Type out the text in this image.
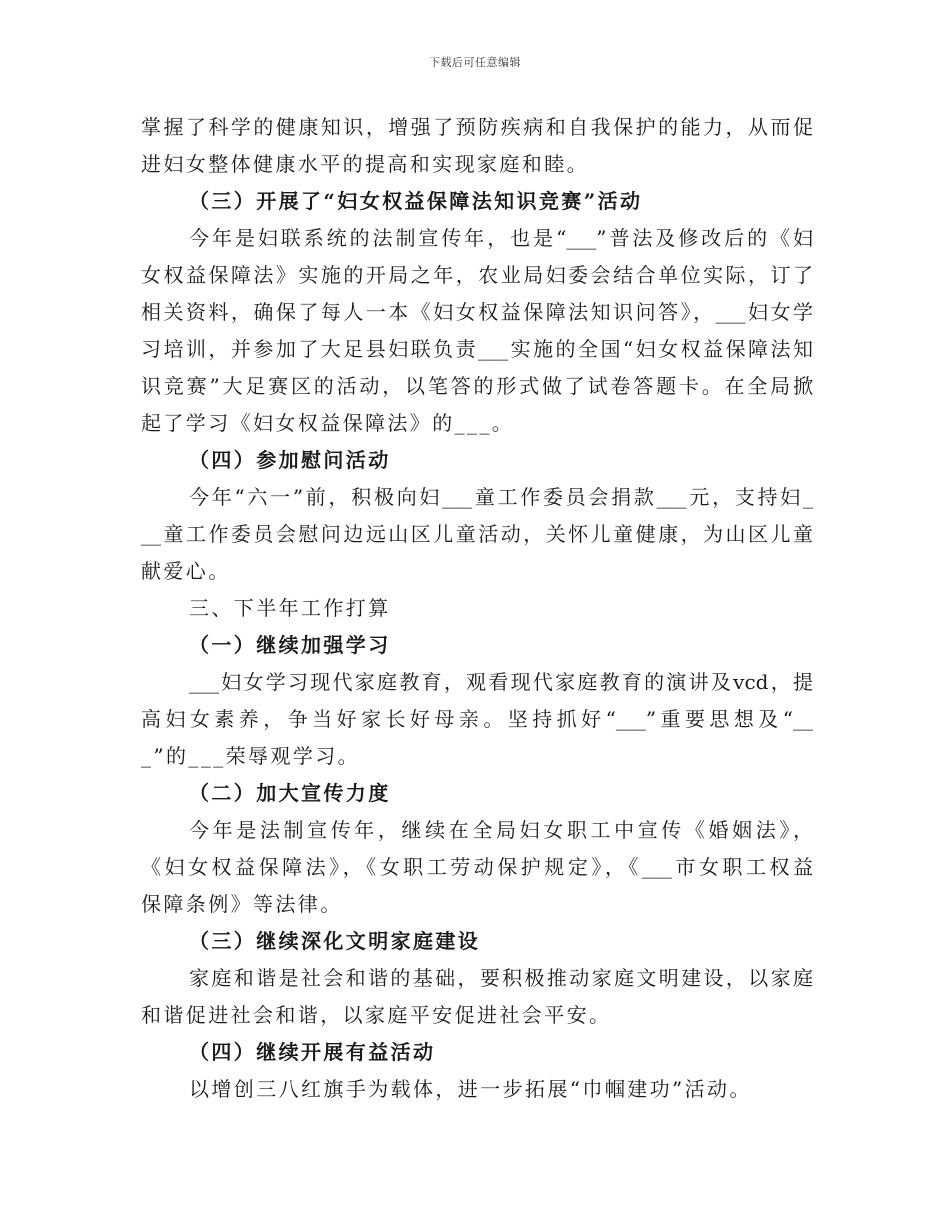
下载后可任意编辑
掌握了科学的健康知识，增强了预防疾病和自我保护的能力，从而促
进妇女整体健康水平的提高和实现家庭和睦。
（三）开展了“妇女权益保障法知识竞赛”活动
今年是妇联系统的法制宣传年，也是“___”普法及修改后的《妇
女权益保障法》实施的开局之年，农业局妇委会结合单位实际，订了
相关资料，确保了每人一本《妇女权益保障法知识问答》，___妇女学
习培训，并参加了大足县妇联负责___实施的全国“妇女权益保障法知
识竞赛”大足赛区的活动，以笔答的形式做了试卷答题卡。在全局掀
起了学习《妇女权益保障法》的___。
（四）参加慰问活动
今年“六一”前，积极向妇___童工作委员会捐款___元，支持妇_
__童工作委员会慰问边远山区儿童活动，关怀儿童健康，为山区儿童
献爱心。
三、下半年工作打算
（一）继续加强学习
___妇女学习现代家庭教育，观看现代家庭教育的演讲及vcd，提
高妇女素养，争当好家长好母亲。坚持抓好“___”重要思想及“__
_”的___荣辱观学习。
（二）加大宣传力度
今年是法制宣传年，继续在全局妇女职工中宣传《婚姻法》，
《妇女权益保障法》，《女职工劳动保护规定》，《___市女职工权益
保障条例》等法律。
（三）继续深化文明家庭建设
家庭和谐是社会和谐的基础，要积极推动家庭文明建设，以家庭
和谐促进社会和谐，以家庭平安促进社会平安。
（四）继续开展有益活动
以增创三八红旗手为载体，进一步拓展“巾帼建功”活动。
